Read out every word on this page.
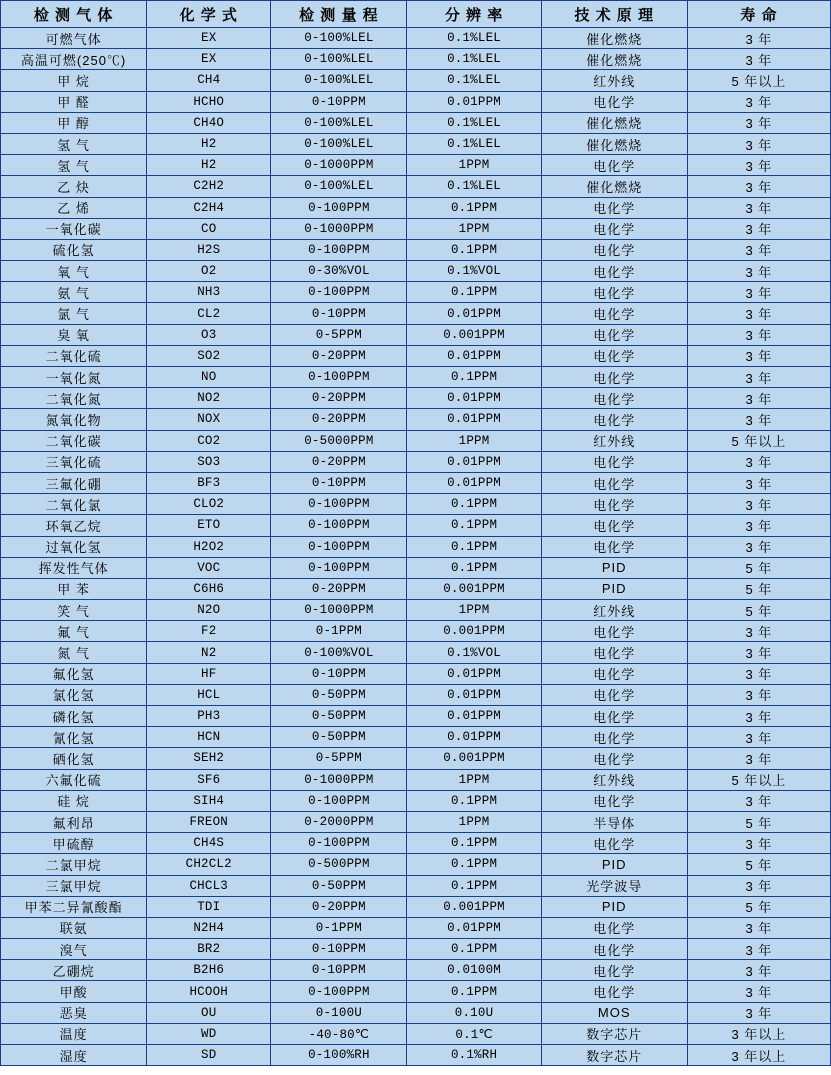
检 测 气 体	化 学 式	检 测 量 程	分 辨 率	技 术 原 理	寿 命
可燃气体	EX	0-100%LEL	0.1%LEL	催化燃烧	3 年
高温可燃(250℃)	EX	0-100%LEL	0.1%LEL	催化燃烧	3 年
甲 烷	CH4	0-100%LEL	0.1%LEL	红外线	5 年以上
甲 醛	HCHO	0-10PPM	0.01PPM	电化学	3 年
甲 醇	CH4O	0-100%LEL	0.1%LEL	催化燃烧	3 年
氢 气	H2	0-100%LEL	0.1%LEL	催化燃烧	3 年
氢 气	H2	0-1000PPM	1PPM	电化学	3 年
乙 炔	C2H2	0-100%LEL	0.1%LEL	催化燃烧	3 年
乙 烯	C2H4	0-100PPM	0.1PPM	电化学	3 年
一氧化碳	CO	0-1000PPM	1PPM	电化学	3 年
硫化氢	H2S	0-100PPM	0.1PPM	电化学	3 年
氧 气	O2	0-30%VOL	0.1%VOL	电化学	3 年
氨 气	NH3	0-100PPM	0.1PPM	电化学	3 年
氯 气	CL2	0-10PPM	0.01PPM	电化学	3 年
臭 氧	O3	0-5PPM	0.001PPM	电化学	3 年
二氧化硫	SO2	0-20PPM	0.01PPM	电化学	3 年
一氧化氮	NO	0-100PPM	0.1PPM	电化学	3 年
二氧化氮	NO2	0-20PPM	0.01PPM	电化学	3 年
氮氧化物	NOX	0-20PPM	0.01PPM	电化学	3 年
二氧化碳	CO2	0-5000PPM	1PPM	红外线	5 年以上
三氧化硫	SO3	0-20PPM	0.01PPM	电化学	3 年
三氟化硼	BF3	0-10PPM	0.01PPM	电化学	3 年
二氧化氯	CLO2	0-100PPM	0.1PPM	电化学	3 年
环氧乙烷	ETO	0-100PPM	0.1PPM	电化学	3 年
过氧化氢	H2O2	0-100PPM	0.1PPM	电化学	3 年
挥发性气体	VOC	0-100PPM	0.1PPM	PID	5 年
甲 苯	C6H6	0-20PPM	0.001PPM	PID	5 年
笑 气	N2O	0-1000PPM	1PPM	红外线	5 年
氟 气	F2	0-1PPM	0.001PPM	电化学	3 年
氮 气	N2	0-100%VOL	0.1%VOL	电化学	3 年
氟化氢	HF	0-10PPM	0.01PPM	电化学	3 年
氯化氢	HCL	0-50PPM	0.01PPM	电化学	3 年
磷化氢	PH3	0-50PPM	0.01PPM	电化学	3 年
氰化氢	HCN	0-50PPM	0.01PPM	电化学	3 年
硒化氢	SEH2	0-5PPM	0.001PPM	电化学	3 年
六氟化硫	SF6	0-1000PPM	1PPM	红外线	5 年以上
硅 烷	SIH4	0-100PPM	0.1PPM	电化学	3 年
氟利昂	FREON	0-2000PPM	1PPM	半导体	5 年
甲硫醇	CH4S	0-100PPM	0.1PPM	电化学	3 年
二氯甲烷	CH2CL2	0-500PPM	0.1PPM	PID	5 年
三氯甲烷	CHCL3	0-50PPM	0.1PPM	光学波导	3 年
甲苯二异氰酸酯	TDI	0-20PPM	0.001PPM	PID	5 年
联氨	N2H4	0-1PPM	0.01PPM	电化学	3 年
溴气	BR2	0-10PPM	0.1PPM	电化学	3 年
乙硼烷	B2H6	0-10PPM	0.0100M	电化学	3 年
甲酸	HCOOH	0-100PPM	0.1PPM	电化学	3 年
恶臭	OU	0-100U	0.10U	MOS	3 年
温度	WD	-40-80℃	0.1℃	数字芯片	3 年以上
湿度	SD	0-100%RH	0.1%RH	数字芯片	3 年以上
